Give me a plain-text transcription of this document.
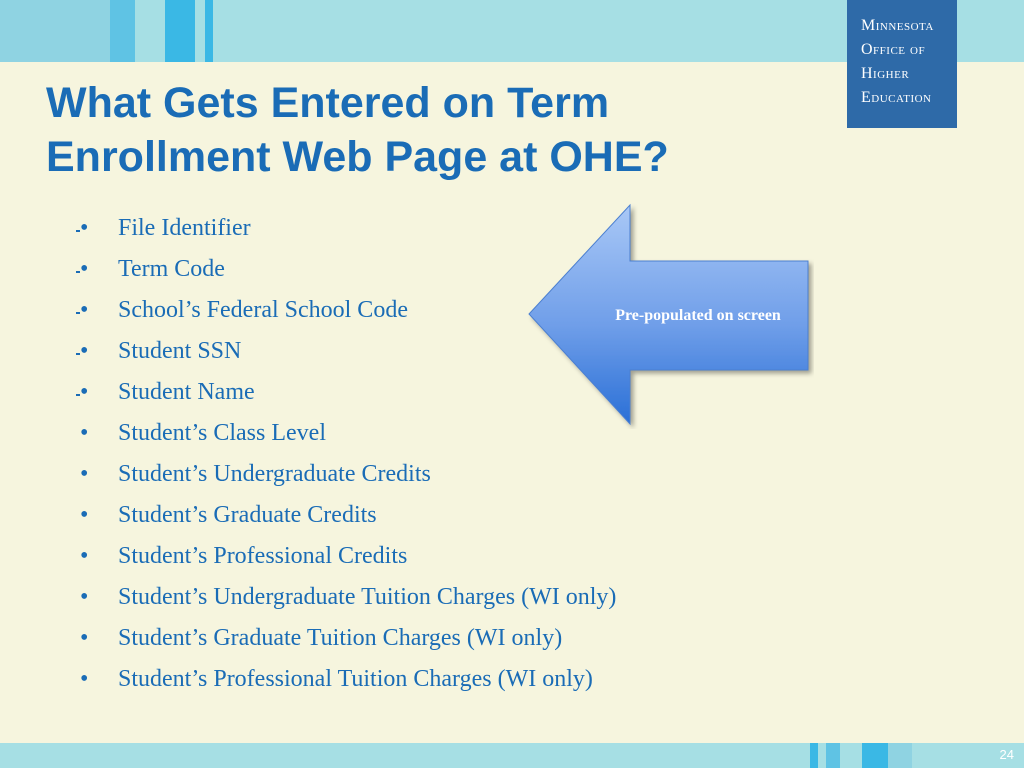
Minnesota
Office of
Higher
Education
What Gets Entered on Term
Enrollment Web Page at OHE?
• File Identifier
• Term Code
• School’s Federal School Code
• Student SSN
• Student Name
• Student’s Class Level
• Student’s Undergraduate Credits
• Student’s Graduate Credits
• Student’s Professional Credits
• Student’s Undergraduate Tuition Charges (WI only)
• Student’s Graduate Tuition Charges (WI only)
• Student’s Professional Tuition Charges (WI only)
Pre-populated on screen
24
